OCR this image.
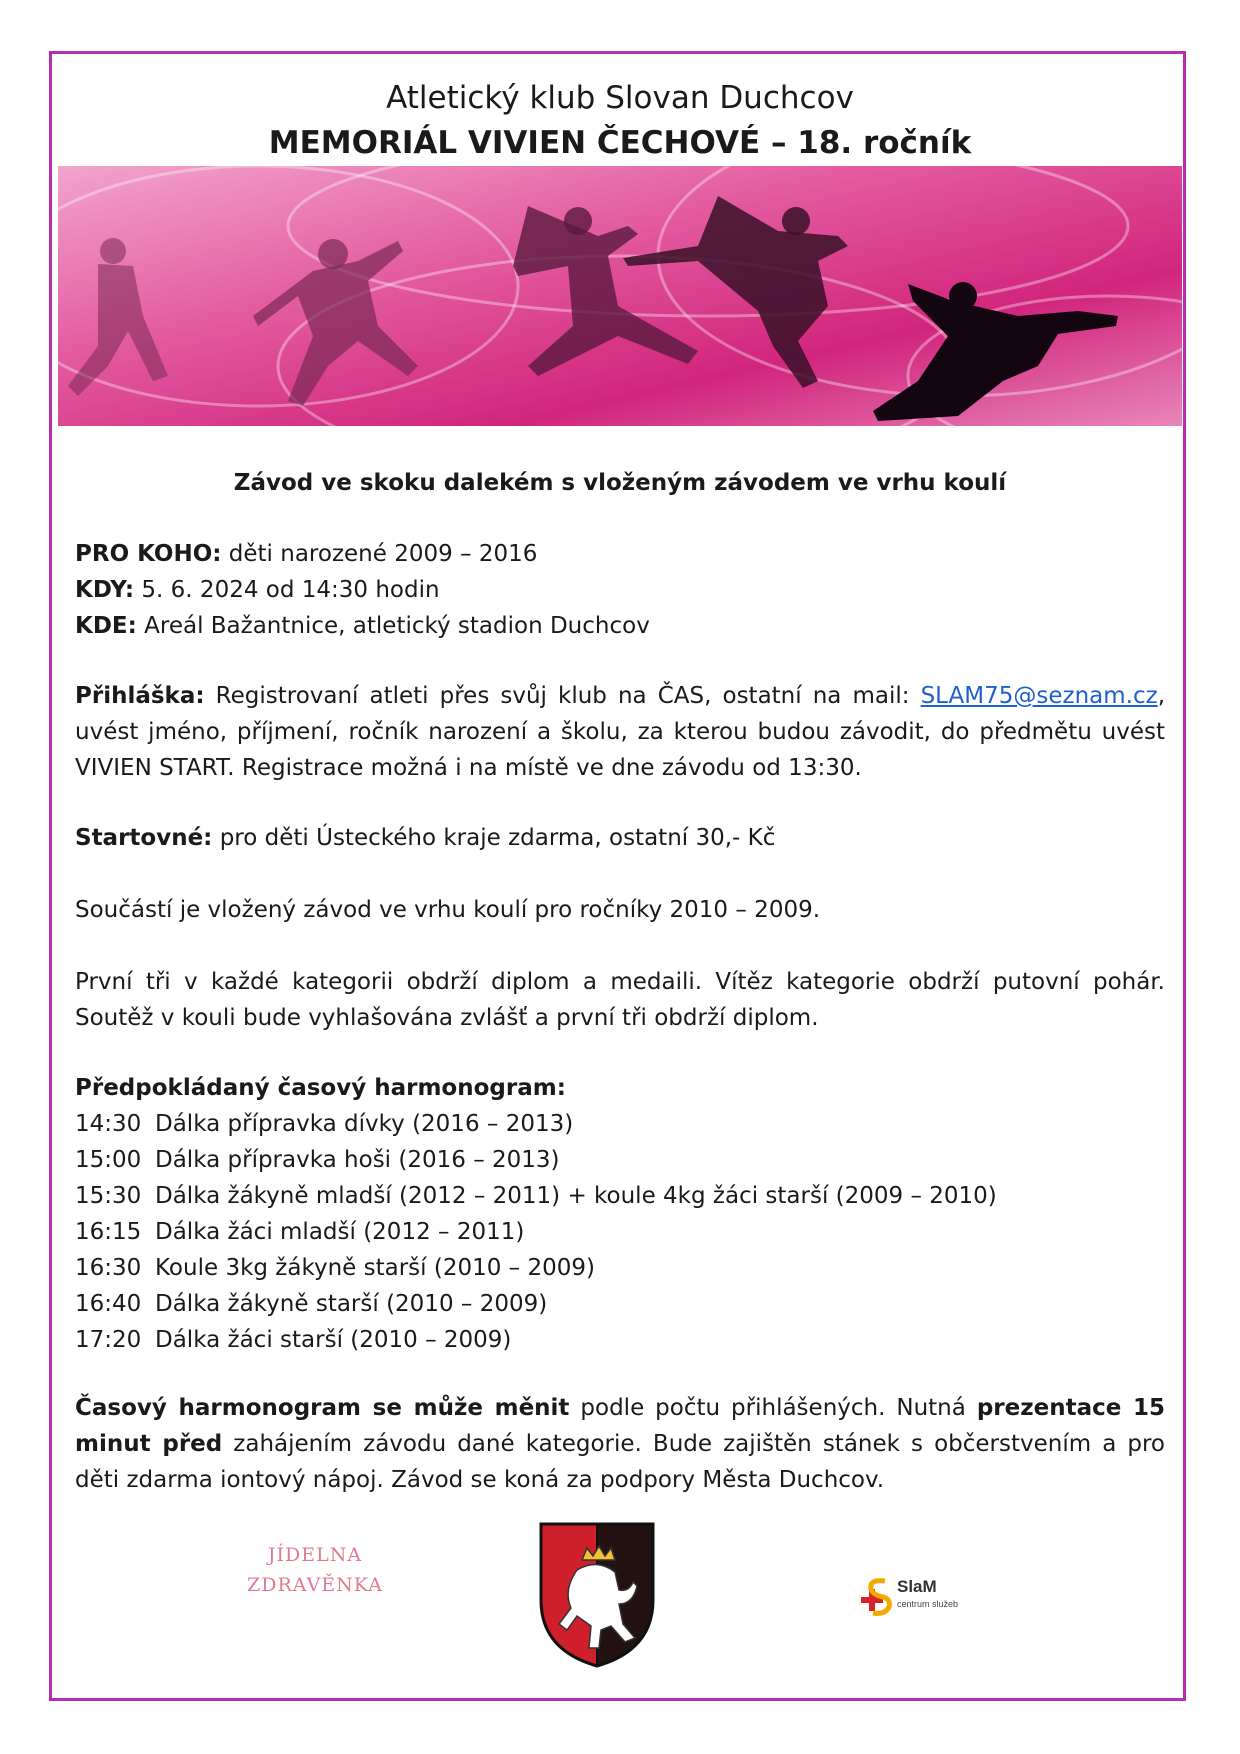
Atletický klub Slovan Duchcov
MEMORIÁL VIVIEN ČECHOVÉ – 18. ročník
Závod ve skoku dalekém s vloženým závodem ve vrhu koulí

PRO KOHO: děti narozené 2009 – 2016

KDY: 5. 6. 2024 od 14:30 hodin

KDE: Areál Bažantnice, atletický stadion Duchcov

Přihláška: Registrovaní atleti přes svůj klub na ČAS, ostatní na mail: SLAM75@seznam.cz, uvést jméno, příjmení, ročník narození a školu, za kterou budou závodit, do předmětu uvést VIVIEN START. Registrace možná i na místě ve dne závodu od 13:30.
Startovné: pro děti Ústeckého kraje zdarma, ostatní 30,- Kč
Součástí je vložený závod ve vrhu koulí pro ročníky 2010 – 2009.
První tři v každé kategorii obdrží diplom a medaili. Vítěz kategorie obdrží putovní pohár. Soutěž v kouli bude vyhlašována zvlášť a první tři obdrží diplom.

Předpokládaný časový harmonogram:

14:30 Dálka přípravka dívky (2016 – 2013)
15:00 Dálka přípravka hoši (2016 – 2013)
15:30 Dálka žákyně mladší (2012 – 2011) + koule 4kg žáci starší (2009 – 2010)
16:15 Dálka žáci mladší (2012 – 2011)
16:30 Koule 3kg žákyně starší (2010 – 2009)
16:40 Dálka žákyně starší (2010 – 2009)
17:20 Dálka žáci starší (2010 – 2009)
Časový harmonogram se může měnit podle počtu přihlášených. Nutná prezentace 15 minut před zahájením závodu dané kategorie. Bude zajištěn stánek s občerstvením a pro děti zdarma iontový nápoj. Závod se koná za podpory Města Duchcov.
JÍDELNA
ZDRAVĚNKA	SlaM
centrum služeb
